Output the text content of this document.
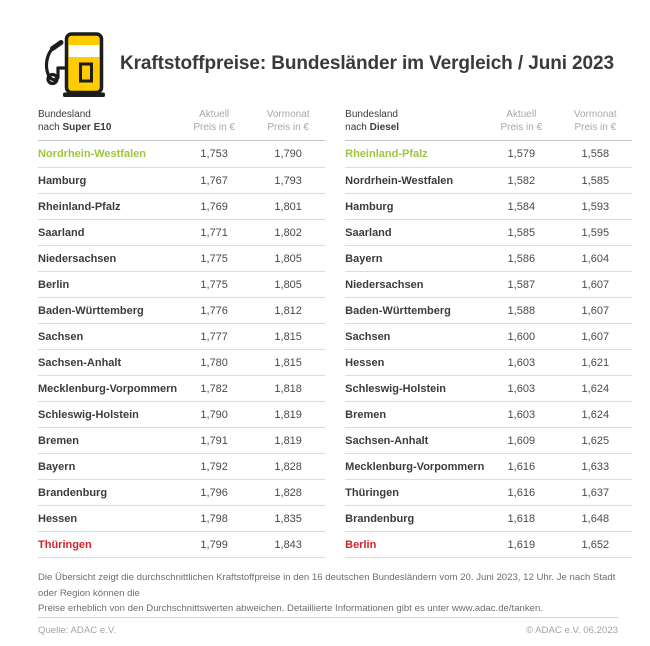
Kraftstoffpreise: Bundesländer im Vergleich / Juni 2023
Bundesland
nach Super E10
Aktuell
Preis in €
Vormonat
Preis in €
Nordrhein-Westfalen	1,753	1,790
Hamburg	1,767	1,793
Rheinland-Pfalz	1,769	1,801
Saarland	1,771	1,802
Niedersachsen	1,775	1,805
Berlin	1,775	1,805
Baden-Württemberg	1,776	1,812
Sachsen	1,777	1,815
Sachsen-Anhalt	1,780	1,815
Mecklenburg-Vorpommern	1,782	1,818
Schleswig-Holstein	1,790	1,819
Bremen	1,791	1,819
Bayern	1,792	1,828
Brandenburg	1,796	1,828
Hessen	1,798	1,835
Thüringen	1,799	1,843
Bundesland
nach Diesel
Aktuell
Preis in €
Vormonat
Preis in €
Rheinland-Pfalz	1,579	1,558
Nordrhein-Westfalen	1,582	1,585
Hamburg	1,584	1,593
Saarland	1,585	1,595
Bayern	1,586	1,604
Niedersachsen	1,587	1,607
Baden-Württemberg	1,588	1,607
Sachsen	1,600	1,607
Hessen	1,603	1,621
Schleswig-Holstein	1,603	1,624
Bremen	1,603	1,624
Sachsen-Anhalt	1,609	1,625
Mecklenburg-Vorpommern	1,616	1,633
Thüringen	1,616	1,637
Brandenburg	1,618	1,648
Berlin	1,619	1,652

Die Übersicht zeigt die durchschnittlichen Kraftstoffpreise in den 16 deutschen Bundesländern vom 20. Juni 2023, 12 Uhr. Je nach Stadt oder Region können die
Preise erheblich von den Durchschnittswerten abweichen. Detaillierte Informationen gibt es unter www.adac.de/tanken.

Quelle: ADAC e.V.	© ADAC e.V. 06.2023
